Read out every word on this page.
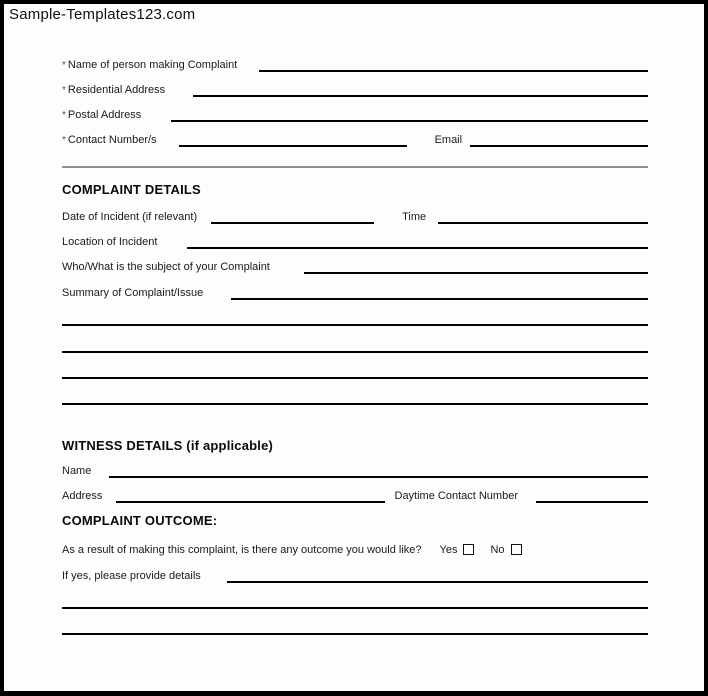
Sample-Templates123.com
* Name of person making Complaint
* Residential Address
* Postal Address
* Contact Number/s	Email
COMPLAINT DETAILS
Date of Incident (if relevant)	Time
Location of Incident
Who/What is the subject of your Complaint
Summary of Complaint/Issue
WITNESS DETAILS (if applicable)
Name
Address	Daytime Contact Number
COMPLAINT OUTCOME:
As a result of making this complaint, is there any outcome you would like? Yes	No
If yes, please provide details
